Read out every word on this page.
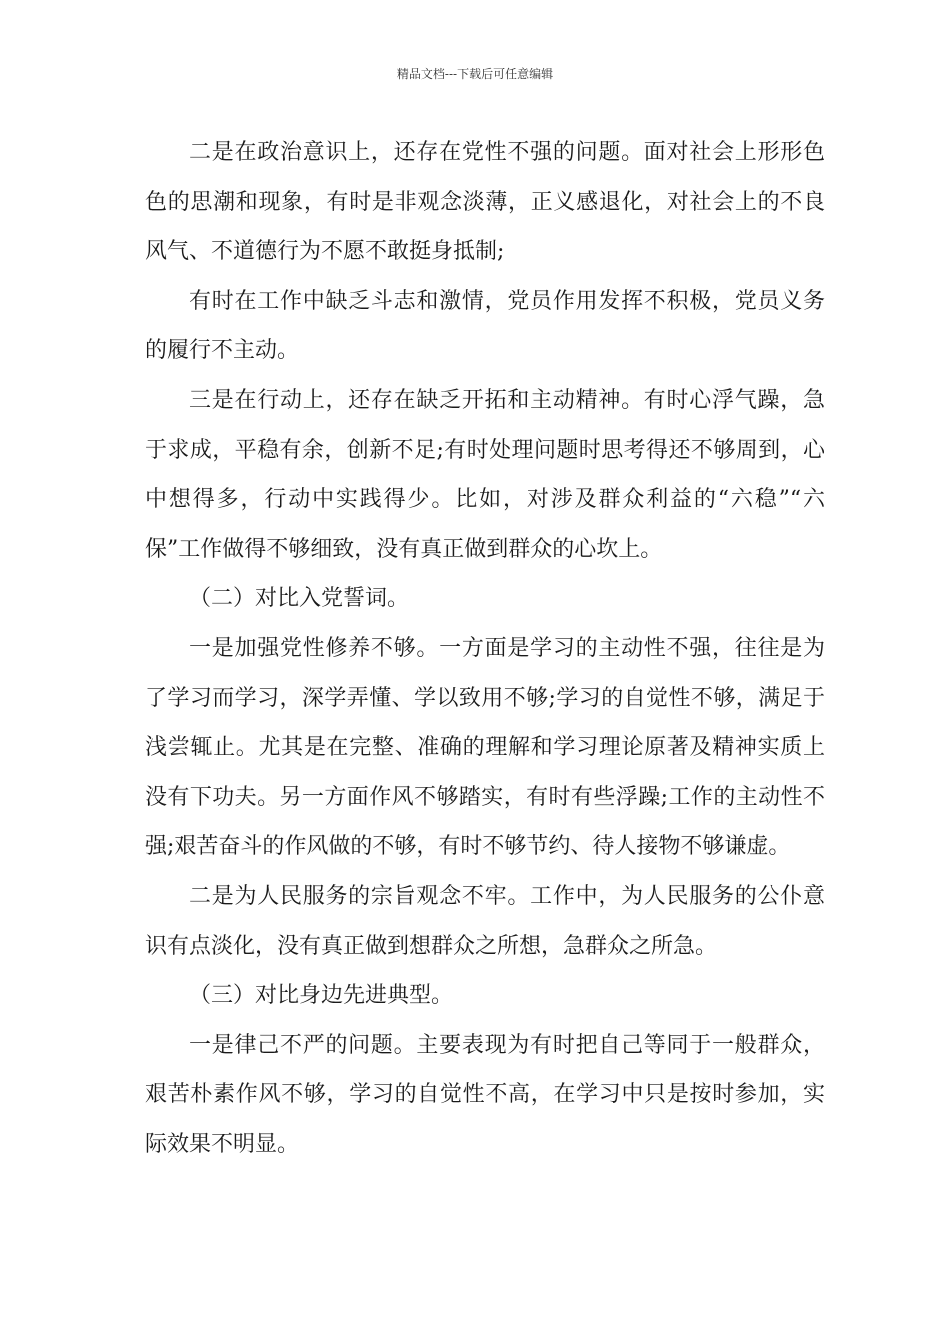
精品文档---下载后可任意编辑

二是在政治意识上，还存在党性不强的问题。面对社会上形形色色的思潮和现象，有时是非观念淡薄，正义感退化，对社会上的不良风气、不道德行为不愿不敢挺身抵制;

有时在工作中缺乏斗志和激情，党员作用发挥不积极，党员义务的履行不主动。

三是在行动上，还存在缺乏开拓和主动精神。有时心浮气躁，急于求成，平稳有余，创新不足;有时处理问题时思考得还不够周到，心中想得多，行动中实践得少。比如，对涉及群众利益的“六稳”“六保”工作做得不够细致，没有真正做到群众的心坎上。

（二）对比入党誓词。

一是加强党性修养不够。一方面是学习的主动性不强，往往是为了学习而学习，深学弄懂、学以致用不够;学习的自觉性不够，满足于浅尝辄止。尤其是在完整、准确的理解和学习理论原著及精神实质上没有下功夫。另一方面作风不够踏实，有时有些浮躁;工作的主动性不强;艰苦奋斗的作风做的不够，有时不够节约、待人接物不够谦虚。

二是为人民服务的宗旨观念不牢。工作中，为人民服务的公仆意识有点淡化，没有真正做到想群众之所想，急群众之所急。

（三）对比身边先进典型。

一是律己不严的问题。主要表现为有时把自己等同于一般群众，艰苦朴素作风不够，学习的自觉性不高，在学习中只是按时参加，实际效果不明显。
